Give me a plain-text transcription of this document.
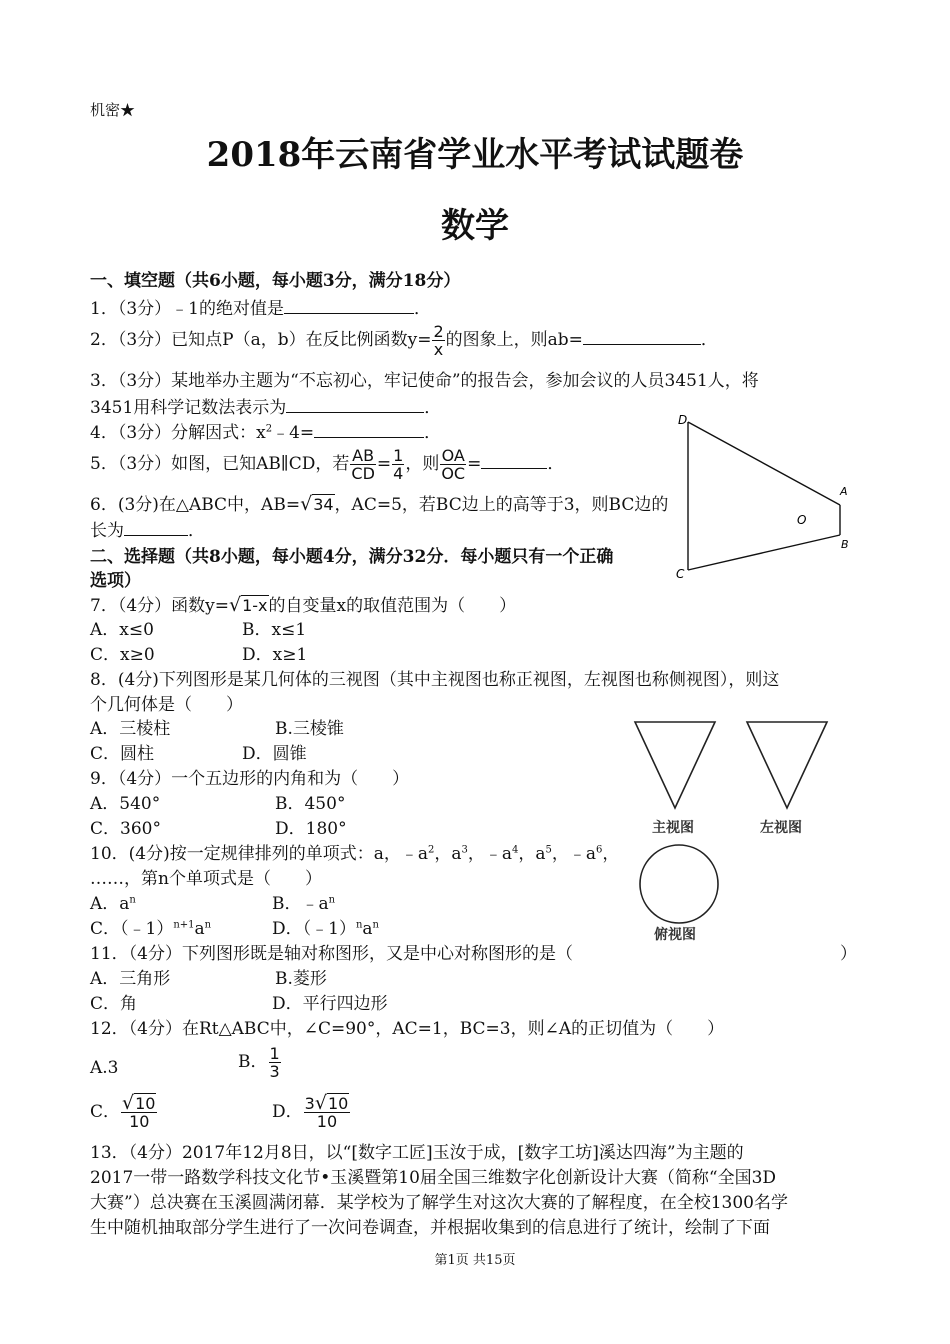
机密★
2018年云南省学业水平考试试题卷
数学
一、填空题（共6小题，每小题3分，满分18分）
1．（3分）﹣1的绝对值是	．
2．（3分）已知点P（a，b）在反比例函数$y= \frac{2}{x}$ 的图象上，则ab=	．
3．（3分）某地举办主题为“不忘初心，牢记使命”的报告会，参加会议的人员3451人，将
3451用科学记数法表示为	．
4．（3分）分解因式：$x^2﹣4=$	．
5．（3分）如图，已知AB∥CD，若 $\frac{AB}{CD} = \frac{1}{4}$ ，则 $\frac{OA}{OC}$ =	．
6．(3分)在△ABC中，AB=√34，AC=5，若BC边上的高等于3，则BC边的
长为	．
D
C
O
A
B
二、选择题（共8小题，每小题4分，满分32分．每小题只有一个正确
选项）
7．（4分）函数y=√1-x的自变量x的取值范围为（　　）
A．x≤0	B．x≤1
C．x≥0	D．x≥1
8．(4分)下列图形是某几何体的三视图（其中主视图也称正视图，左视图也称侧视图），则这
个几何体是（　　）
A．三棱柱	B.三棱锥
C．圆柱	D．圆锥
主视图	左视图
俯视图
9．（4分）一个五边形的内角和为（　　）
A．540°	B．450°
C．360°	D．180°
10．(4分)按一定规律排列的单项式：a，$﹣a^2$，$a^3$，$﹣a^4$，$a^5$，$﹣a^6$，
……，第n个单项式是（　　）
A．$a^n$	B．$﹣a^n$
C．$(﹣1)^{n+1}a^n$	D．$(﹣1)^na^n$
11．（4分）下列图形既是轴对称图形，又是中心对称图形的是（	）
A．三角形	B.菱形
C．角	D．平行四边形
12．（4分）在Rt△ABC中，∠C=90°，AC=1，BC=3，则∠A的正切值为（　　）
A.3	B． $\frac{1}{3}$
C． $\frac{√10}{10}$	D． $\frac{3√10}{10}$
13．（4分）2017年12月8日，以“[数字工匠]玉汝于成，[数字工坊]溪达四海”为主题的
2017一带一路数学科技文化节•玉溪暨第10届全国三维数字化创新设计大赛（简称“全国3D
大赛”）总决赛在玉溪圆满闭幕．某学校为了解学生对这次大赛的了解程度，在全校1300名学
生中随机抽取部分学生进行了一次问卷调查，并根据收集到的信息进行了统计，绘制了下面
第1页 共15页
